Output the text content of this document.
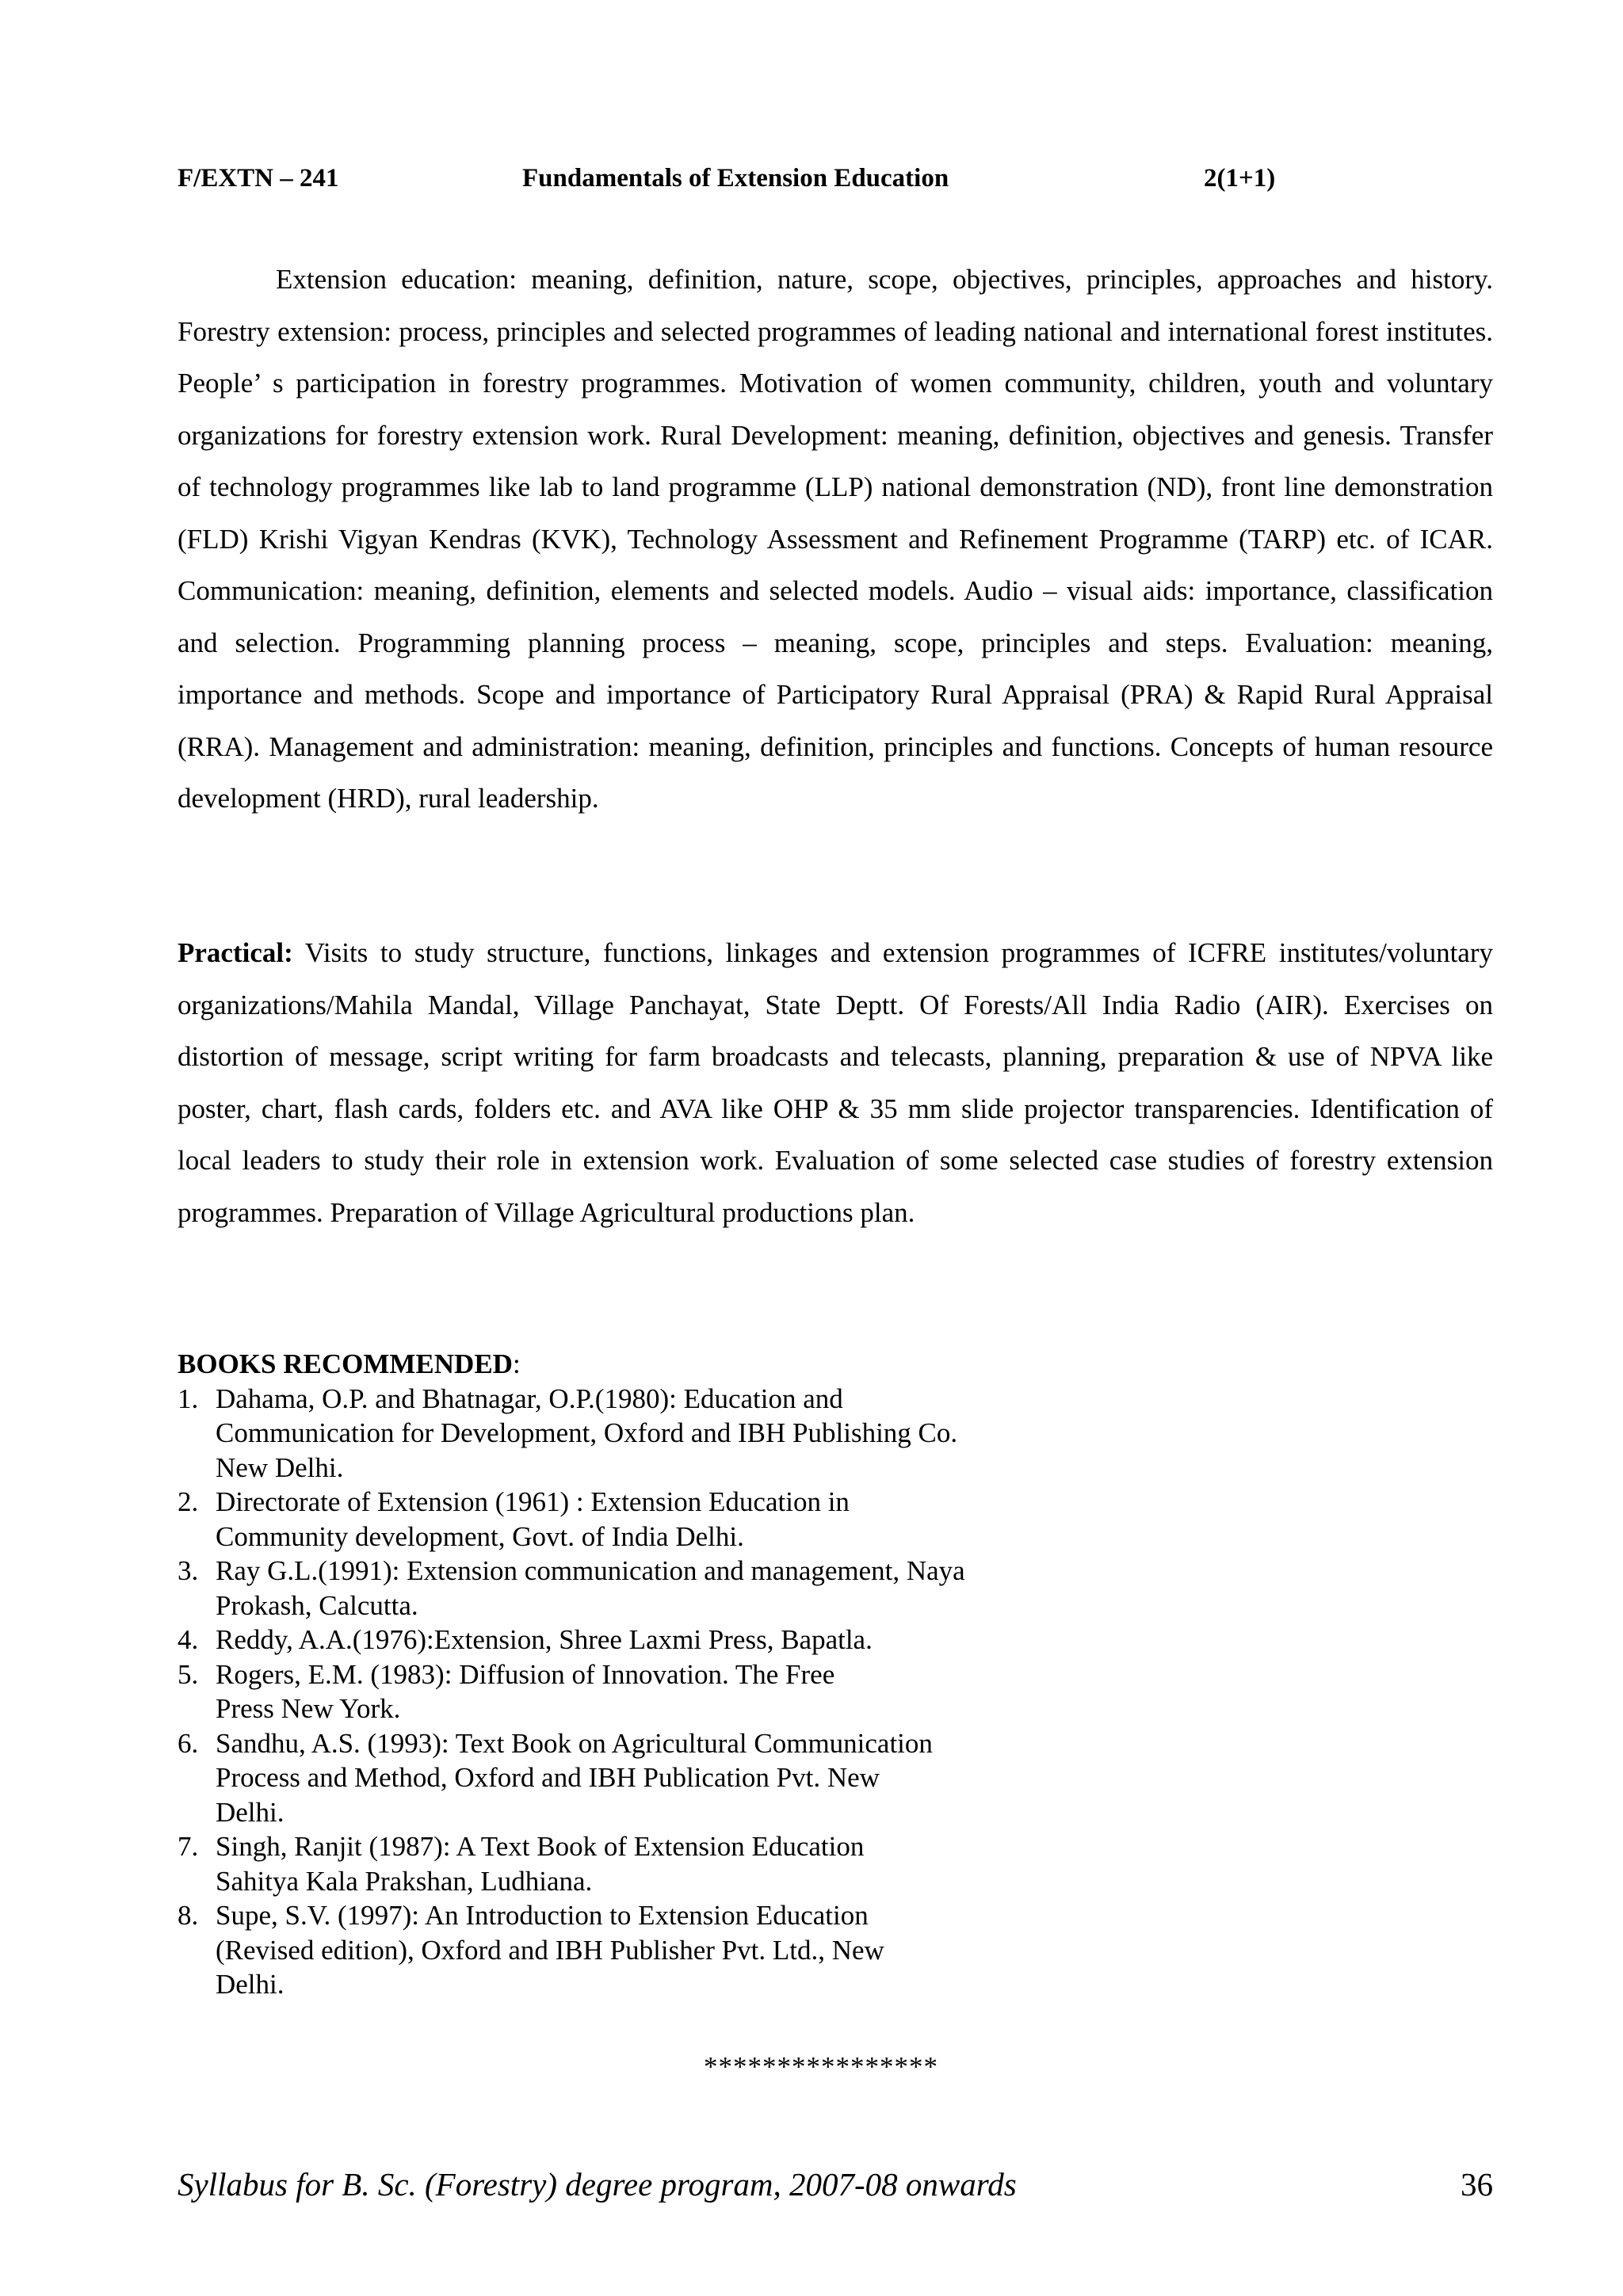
F/EXTN – 241	Fundamentals of Extension Education	2(1+1)

Extension education: meaning, definition, nature, scope, objectives, principles, approaches and history. Forestry extension: process, principles and selected programmes of leading national and international forest institutes. People’ s participation in forestry programmes. Motivation of women community, children, youth and voluntary organizations for forestry extension work. Rural Development: meaning, definition, objectives and genesis. Transfer of technology programmes like lab to land programme (LLP) national demonstration (ND), front line demonstration (FLD) Krishi Vigyan Kendras (KVK), Technology Assessment and Refinement Programme (TARP) etc. of ICAR. Communication: meaning, definition, elements and selected models. Audio – visual aids: importance, classification and selection. Programming planning process – meaning, scope, principles and steps. Evaluation: meaning, importance and methods. Scope and importance of Participatory Rural Appraisal (PRA) & Rapid Rural Appraisal (RRA). Management and administration: meaning, definition, principles and functions. Concepts of human resource development (HRD), rural leadership.

Practical: Visits to study structure, functions, linkages and extension programmes of ICFRE institutes/voluntary organizations/Mahila Mandal, Village Panchayat, State Deptt. Of Forests/All India Radio (AIR). Exercises on distortion of message, script writing for farm broadcasts and telecasts, planning, preparation & use of NPVA like poster, chart, flash cards, folders etc. and AVA like OHP & 35 mm slide projector transparencies. Identification of local leaders to study their role in extension work. Evaluation of some selected case studies of forestry extension programmes. Preparation of Village Agricultural productions plan.

BOOKS RECOMMENDED:

1. Dahama, O.P. and Bhatnagar, O.P.(1980): Education and
Communication for Development, Oxford and IBH Publishing Co.
New Delhi.
2. Directorate of Extension (1961) : Extension Education in
Community development, Govt. of India Delhi.
3. Ray G.L.(1991): Extension communication and management, Naya
Prokash, Calcutta.
4. Reddy, A.A.(1976):Extension, Shree Laxmi Press, Bapatla.
5. Rogers, E.M. (1983): Diffusion of Innovation. The Free
Press New York.
6. Sandhu, A.S. (1993): Text Book on Agricultural Communication
Process and Method, Oxford and IBH Publication Pvt. New
Delhi.
7. Singh, Ranjit (1987): A Text Book of Extension Education
Sahitya Kala Prakshan, Ludhiana.
8. Supe, S.V. (1997): An Introduction to Extension Education
(Revised edition), Oxford and IBH Publisher Pvt. Ltd., New
Delhi.
****************
Syllabus for B. Sc. (Forestry) degree program, 2007-08 onwards	36
